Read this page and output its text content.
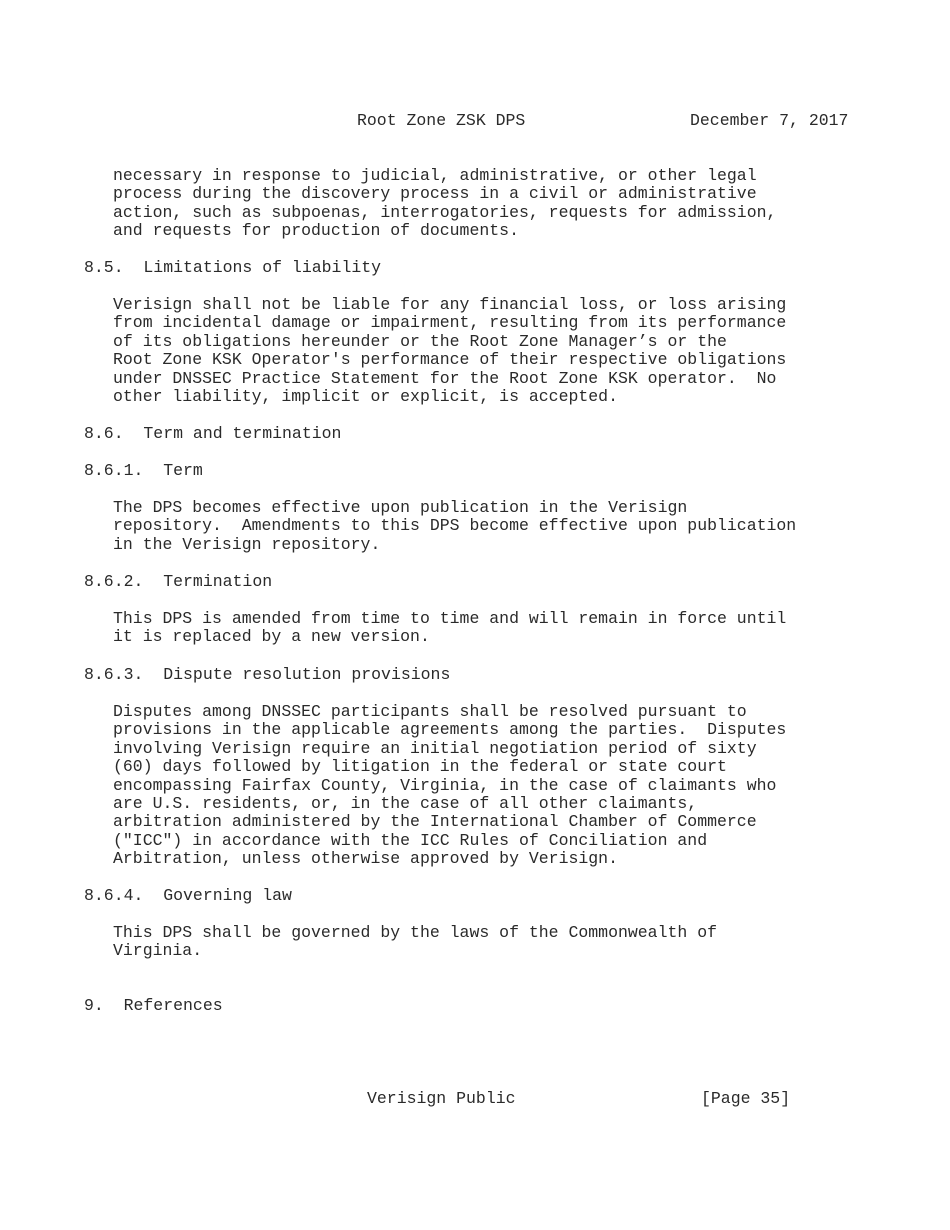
Root Zone ZSK DPS	December 7, 2017
necessary in response to judicial, administrative, or other legal
process during the discovery process in a civil or administrative
action, such as subpoenas, interrogatories, requests for admission,
and requests for production of documents.
8.5.  Limitations of liability
Verisign shall not be liable for any financial loss, or loss arising
from incidental damage or impairment, resulting from its performance
of its obligations hereunder or the Root Zone Manager’s or the
Root Zone KSK Operator's performance of their respective obligations
under DNSSEC Practice Statement for the Root Zone KSK operator.  No
other liability, implicit or explicit, is accepted.
8.6.  Term and termination
8.6.1.  Term
The DPS becomes effective upon publication in the Verisign
repository.  Amendments to this DPS become effective upon publication
in the Verisign repository.
8.6.2.  Termination
This DPS is amended from time to time and will remain in force until
it is replaced by a new version.
8.6.3.  Dispute resolution provisions
Disputes among DNSSEC participants shall be resolved pursuant to
provisions in the applicable agreements among the parties.  Disputes
involving Verisign require an initial negotiation period of sixty
(60) days followed by litigation in the federal or state court
encompassing Fairfax County, Virginia, in the case of claimants who
are U.S. residents, or, in the case of all other claimants,
arbitration administered by the International Chamber of Commerce
("ICC") in accordance with the ICC Rules of Conciliation and
Arbitration, unless otherwise approved by Verisign.
8.6.4.  Governing law
This DPS shall be governed by the laws of the Commonwealth of
Virginia.
9.  References
Verisign Public	[Page 35]
